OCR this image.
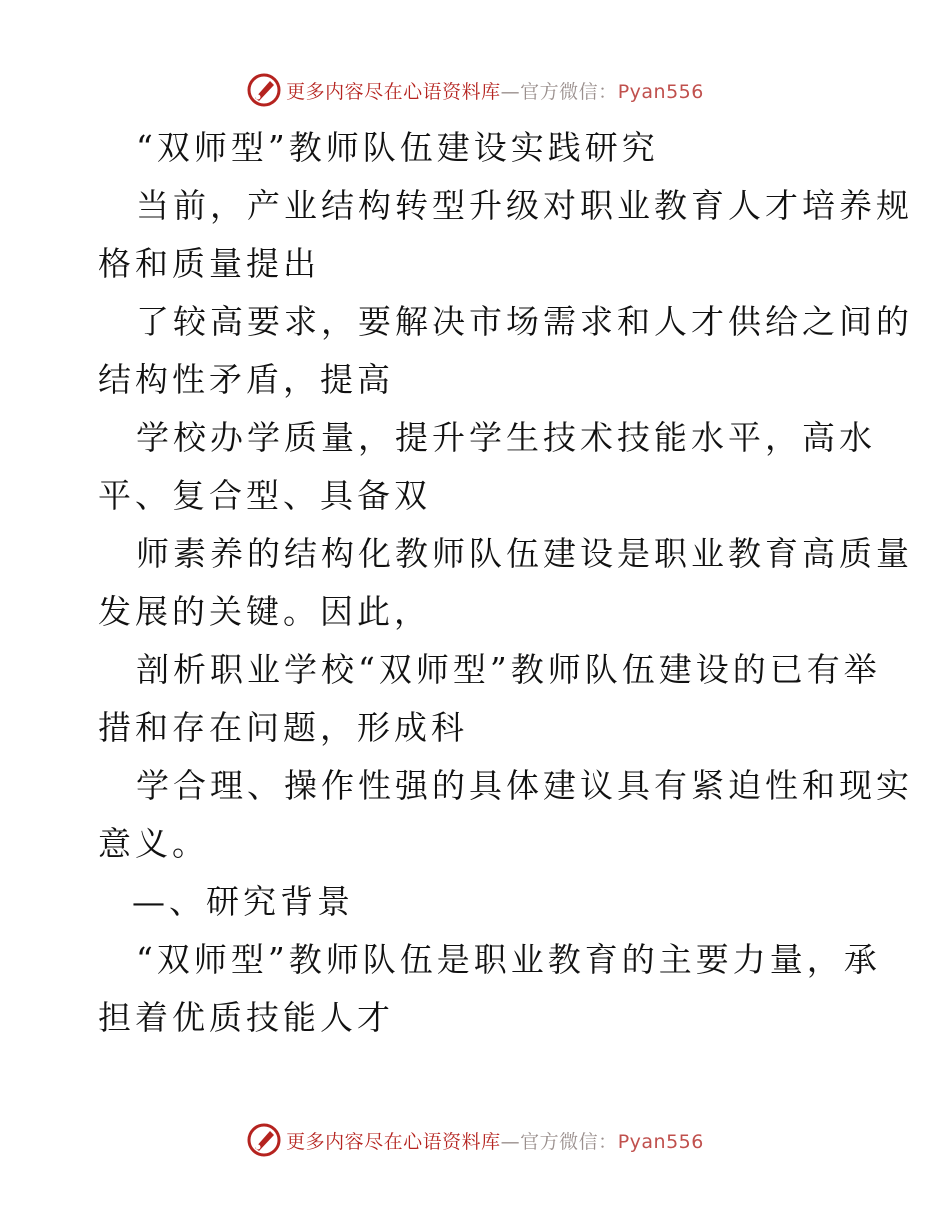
更多内容尽在心语资料库—官方微信：Pyan556
“双师型”教师队伍建设实践研究
当前，产业结构转型升级对职业教育人才培养规
格和质量提出
了较高要求，要解决市场需求和人才供给之间的
结构性矛盾，提高
学校办学质量，提升学生技术技能水平，高水
平、复合型、具备双
师素养的结构化教师队伍建设是职业教育高质量
发展的关键。因此，
剖析职业学校“双师型”教师队伍建设的已有举
措和存在问题，形成科
学合理、操作性强的具体建议具有紧迫性和现实
意义。
—、研究背景
“双师型”教师队伍是职业教育的主要力量，承
担着优质技能人才
更多内容尽在心语资料库—官方微信：Pyan556
